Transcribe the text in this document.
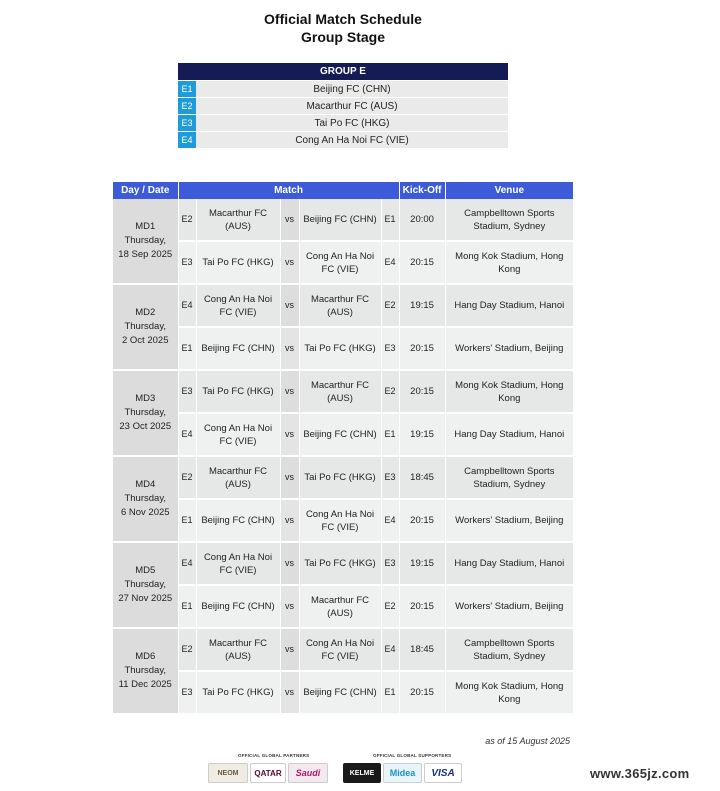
Official Match Schedule
Group Stage
GROUP E	
E1	Beijing FC (CHN)
E2	Macarthur FC (AUS)
E3	Tai Po FC (HKG)
E4	Cong An Ha Noi FC (VIE)
Day / Date	Match					Kick-Off	Venue

MD1
Thursday,
18 Sep 2025	E2	Macarthur FC (AUS)	vs	Beijing FC (CHN)	E1	20:00	Campbelltown Sports Stadium, Sydney
	E3	Tai Po FC (HKG)	vs	Cong An Ha Noi FC (VIE)	E4	20:15	Mong Kok Stadium, Hong Kong

MD2
Thursday,
2 Oct 2025	E4	Cong An Ha Noi FC (VIE)	vs	Macarthur FC (AUS)	E2	19:15	Hang Day Stadium, Hanoi
	E1	Beijing FC (CHN)	vs	Tai Po FC (HKG)	E3	20:15	Workers' Stadium, Beijing

MD3
Thursday,
23 Oct 2025	E3	Tai Po FC (HKG)	vs	Macarthur FC (AUS)	E2	20:15	Mong Kok Stadium, Hong Kong
	E4	Cong An Ha Noi FC (VIE)	vs	Beijing FC (CHN)	E1	19:15	Hang Day Stadium, Hanoi

MD4
Thursday,
6 Nov 2025	E2	Macarthur FC (AUS)	vs	Tai Po FC (HKG)	E3	18:45	Campbelltown Sports Stadium, Sydney
	E1	Beijing FC (CHN)	vs	Cong An Ha Noi FC (VIE)	E4	20:15	Workers' Stadium, Beijing

MD5
Thursday,
27 Nov 2025	E4	Cong An Ha Noi FC (VIE)	vs	Tai Po FC (HKG)	E3	19:15	Hang Day Stadium, Hanoi
	E1	Beijing FC (CHN)	vs	Macarthur FC (AUS)	E2	20:15	Workers' Stadium, Beijing

MD6
Thursday,
11 Dec 2025	E2	Macarthur FC (AUS)	vs	Cong An Ha Noi FC (VIE)	E4	18:45	Campbelltown Sports Stadium, Sydney
	E3	Tai Po FC (HKG)	vs	Beijing FC (CHN)	E1	20:15	Mong Kok Stadium, Hong Kong
as of 15 August 2025
OFFICIAL GLOBAL PARTNERS	OFFICIAL GLOBAL SUPPORTERS
NEOM	QATAR	Saudi	KELME	Midea	VISA	www.365jz.com
